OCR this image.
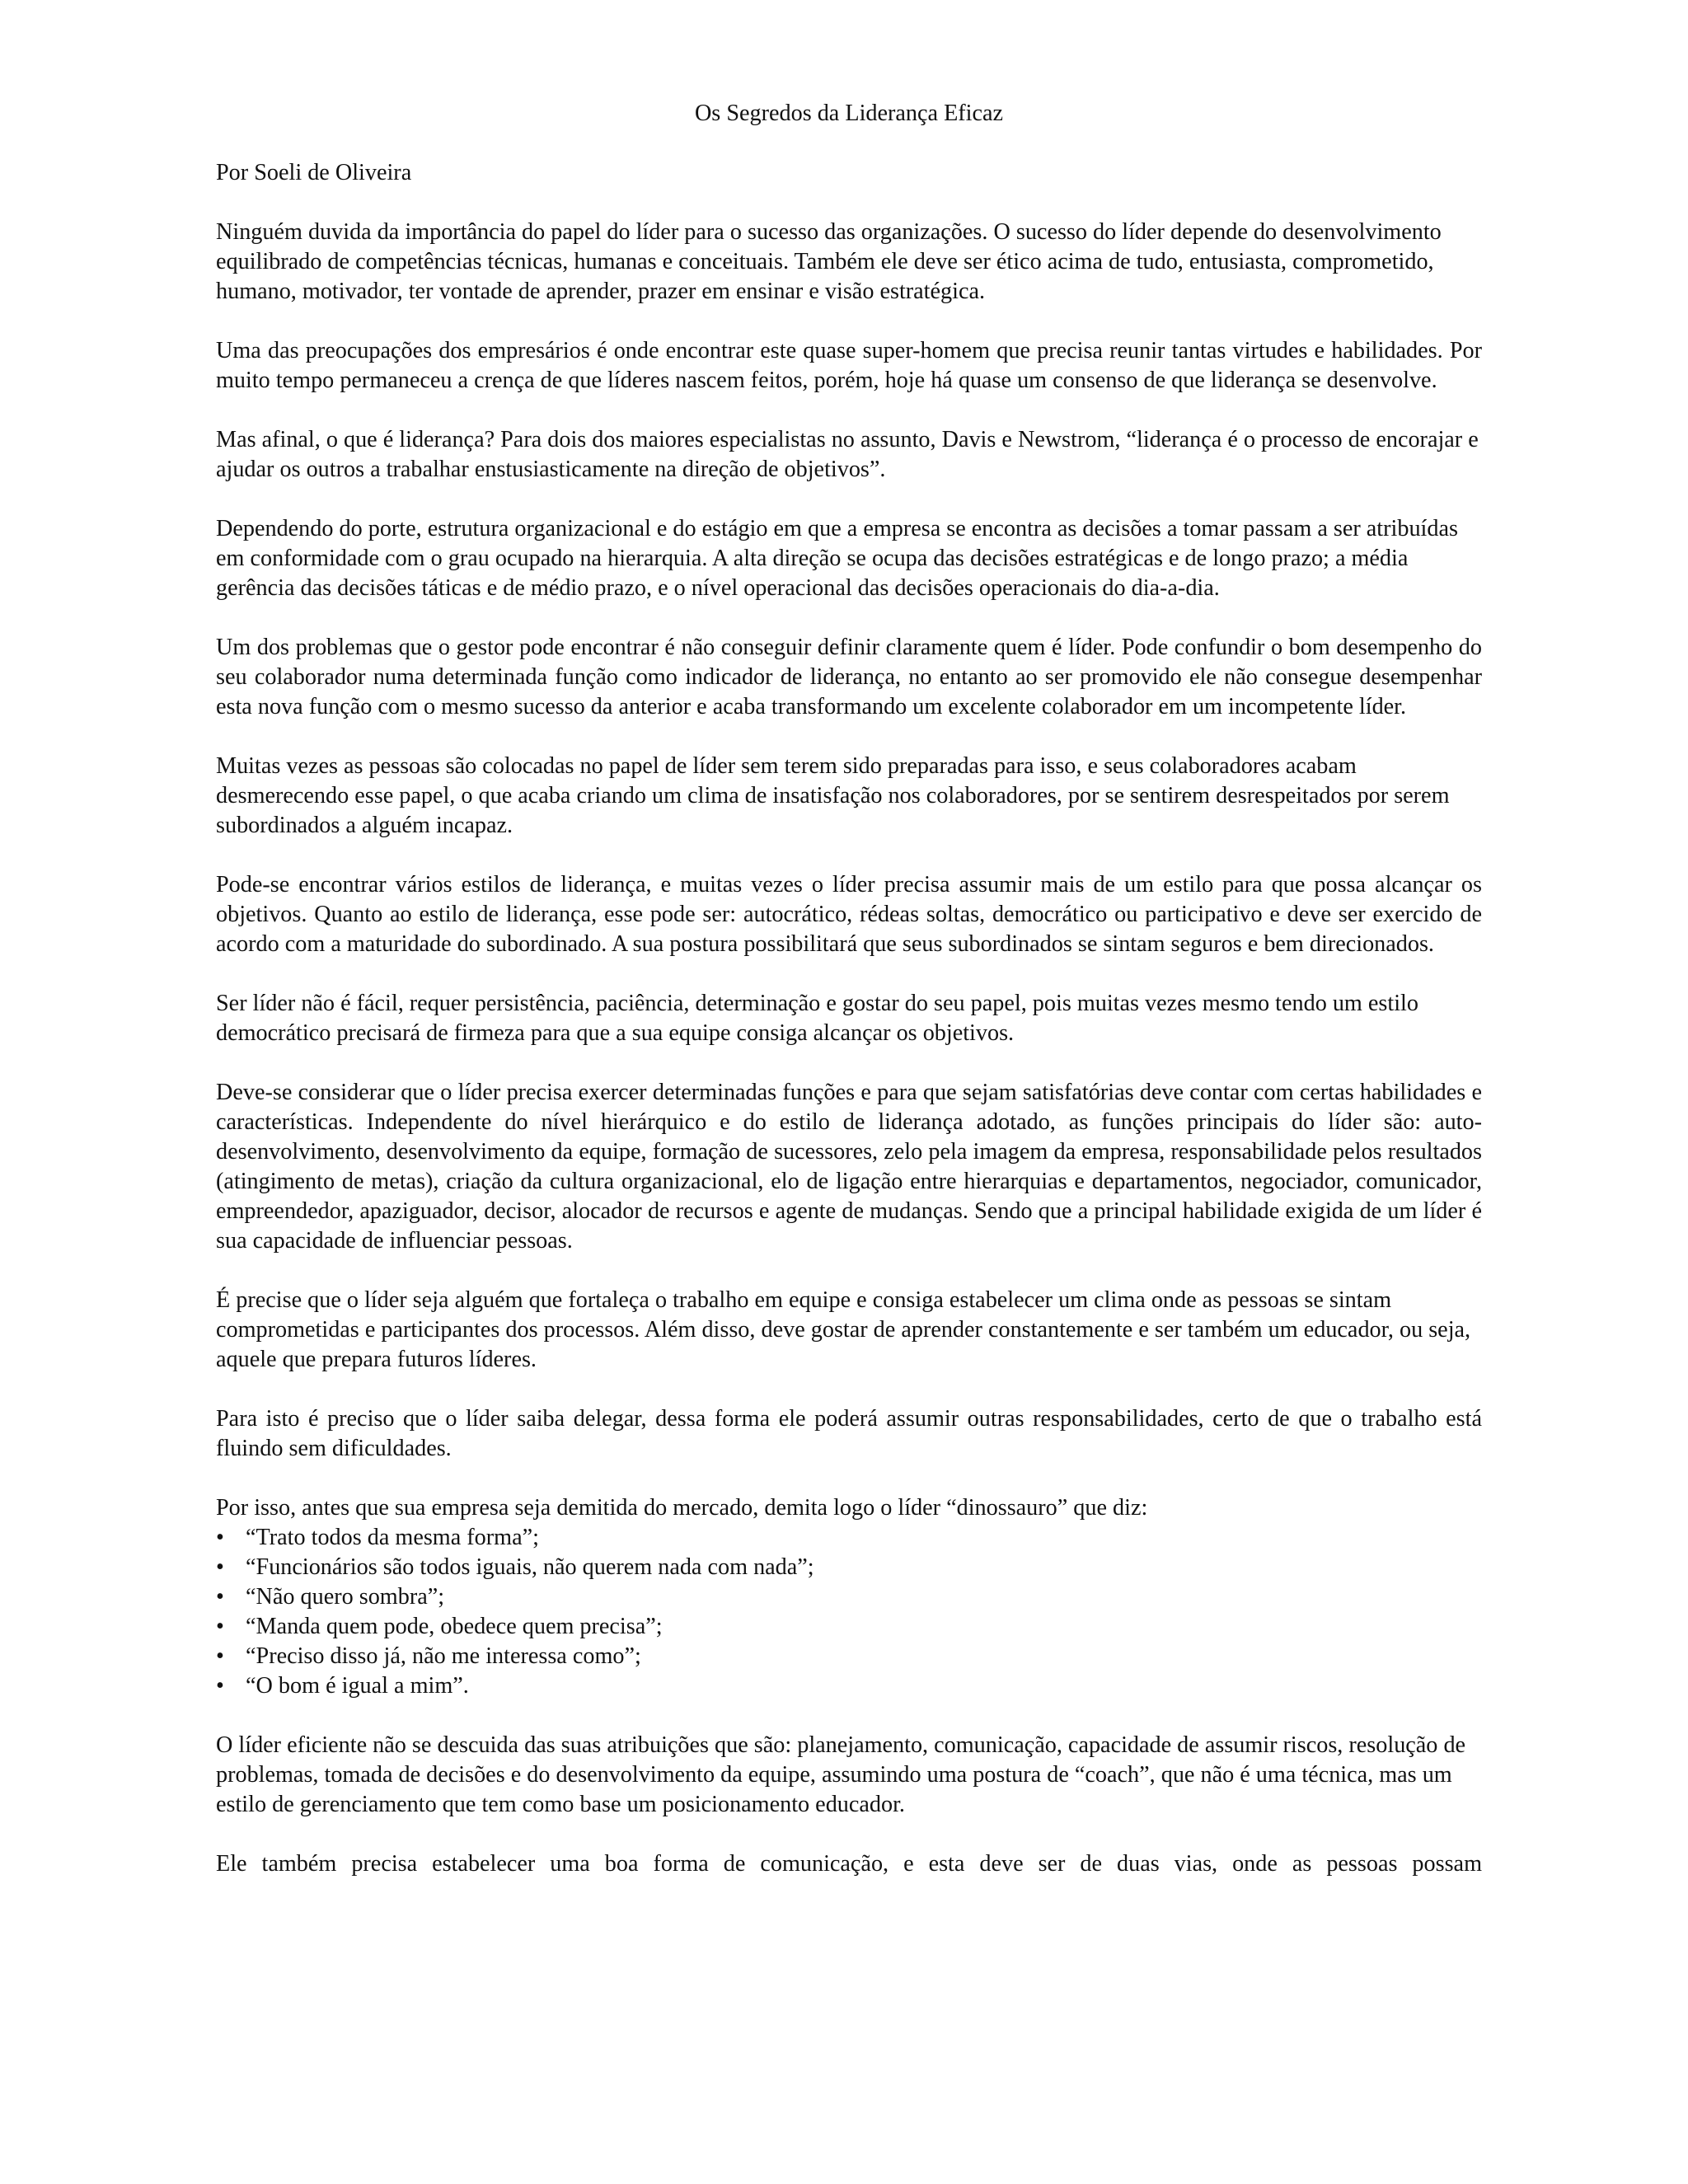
Os Segredos da Liderança Eficaz

Por Soeli de Oliveira

Ninguém duvida da importância do papel do líder para o sucesso das organizações. O sucesso do líder depende do desenvolvimento equilibrado de competências técnicas, humanas e conceituais. Também ele deve ser ético acima de tudo, entusiasta, comprometido, humano, motivador, ter vontade de aprender, prazer em ensinar e visão estratégica.

Uma das preocupações dos empresários é onde encontrar este quase super-homem que precisa reunir tantas virtudes e habilidades. Por muito tempo permaneceu a crença de que líderes nascem feitos, porém, hoje há quase um consenso de que liderança se desenvolve.

Mas afinal, o que é liderança? Para dois dos maiores especialistas no assunto, Davis e Newstrom, “liderança é o processo de encorajar e ajudar os outros a trabalhar enstusiasticamente na direção de objetivos”.

Dependendo do porte, estrutura organizacional e do estágio em que a empresa se encontra as decisões a tomar passam a ser atribuídas em conformidade com o grau ocupado na hierarquia. A alta direção se ocupa das decisões estratégicas e de longo prazo; a média gerência das decisões táticas e de médio prazo, e o nível operacional das decisões operacionais do dia-a-dia.

Um dos problemas que o gestor pode encontrar é não conseguir definir claramente quem é líder. Pode confundir o bom desempenho do seu colaborador numa determinada função como indicador de liderança, no entanto ao ser promovido ele não consegue desempenhar esta nova função com o mesmo sucesso da anterior e acaba transformando um excelente colaborador em um incompetente líder.

Muitas vezes as pessoas são colocadas no papel de líder sem terem sido preparadas para isso, e seus colaboradores acabam desmerecendo esse papel, o que acaba criando um clima de insatisfação nos colaboradores, por se sentirem desrespeitados por serem subordinados a alguém incapaz.

Pode-se encontrar vários estilos de liderança, e muitas vezes o líder precisa assumir mais de um estilo para que possa alcançar os objetivos. Quanto ao estilo de liderança, esse pode ser: autocrático, rédeas soltas, democrático ou participativo e deve ser exercido de acordo com a maturidade do subordinado. A sua postura possibilitará que seus subordinados se sintam seguros e bem direcionados.

Ser líder não é fácil, requer persistência, paciência, determinação e gostar do seu papel, pois muitas vezes mesmo tendo um estilo democrático precisará de firmeza para que a sua equipe consiga alcançar os objetivos.

Deve-se considerar que o líder precisa exercer determinadas funções e para que sejam satisfatórias deve contar com certas habilidades e características. Independente do nível hierárquico e do estilo de liderança adotado, as funções principais do líder são: auto-desenvolvimento, desenvolvimento da equipe, formação de sucessores, zelo pela imagem da empresa, responsabilidade pelos resultados (atingimento de metas), criação da cultura organizacional, elo de ligação entre hierarquias e departamentos, negociador, comunicador, empreendedor, apaziguador, decisor, alocador de recursos e agente de mudanças. Sendo que a principal habilidade exigida de um líder é sua capacidade de influenciar pessoas.

É precise que o líder seja alguém que fortaleça o trabalho em equipe e consiga estabelecer um clima onde as pessoas se sintam comprometidas e participantes dos processos. Além disso, deve gostar de aprender constantemente e ser também um educador, ou seja, aquele que prepara futuros líderes.

Para isto é preciso que o líder saiba delegar, dessa forma ele poderá assumir outras responsabilidades, certo de que o trabalho está fluindo sem dificuldades.

Por isso, antes que sua empresa seja demitida do mercado, demita logo o líder “dinossauro” que diz:

• “Trato todos da mesma forma”;
• “Funcionários são todos iguais, não querem nada com nada”;
• “Não quero sombra”;
• “Manda quem pode, obedece quem precisa”;
• “Preciso disso já, não me interessa como”;
• “O bom é igual a mim”.

O líder eficiente não se descuida das suas atribuições que são: planejamento, comunicação, capacidade de assumir riscos, resolução de problemas, tomada de decisões e do desenvolvimento da equipe, assumindo uma postura de “coach”, que não é uma técnica, mas um estilo de gerenciamento que tem como base um posicionamento educador.

Ele também precisa estabelecer uma boa forma de comunicação, e esta deve ser de duas vias, onde as pessoas possam
